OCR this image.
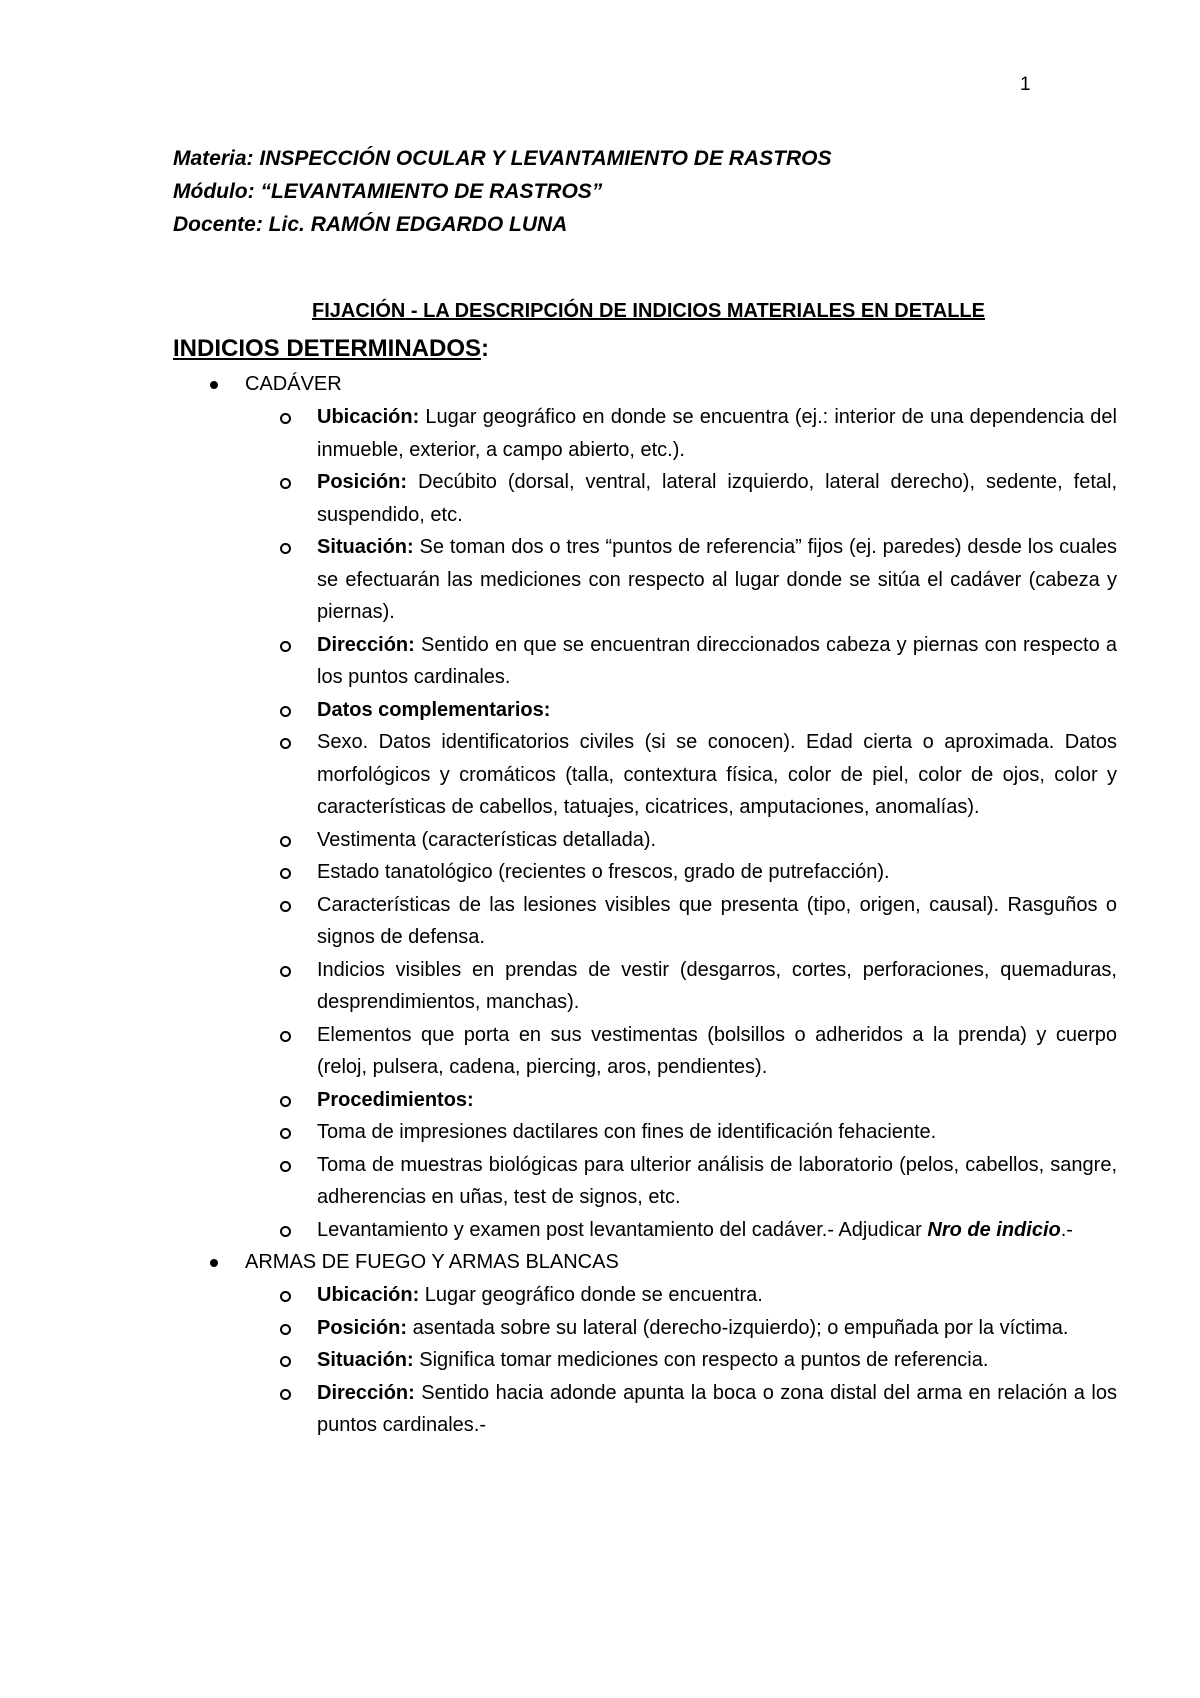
1
Materia: INSPECCIÓN OCULAR Y LEVANTAMIENTO DE RASTROS
Módulo: “LEVANTAMIENTO DE RASTROS”
Docente: Lic. RAMÓN EDGARDO LUNA
FIJACIÓN - LA DESCRIPCIÓN DE INDICIOS MATERIALES EN DETALLE
INDICIOS DETERMINADOS:
CADÁVER
Ubicación: Lugar geográfico en donde se encuentra (ej.: interior de una dependencia del inmueble, exterior, a campo abierto, etc.).
Posición: Decúbito (dorsal, ventral, lateral izquierdo, lateral derecho), sedente, fetal, suspendido, etc.
Situación: Se toman dos o tres “puntos de referencia” fijos (ej. paredes) desde los cuales se efectuarán las mediciones con respecto al lugar donde se sitúa el cadáver (cabeza y piernas).
Dirección: Sentido en que se encuentran direccionados cabeza y piernas con respecto a los puntos cardinales.
Datos complementarios:
Sexo. Datos identificatorios civiles (si se conocen). Edad cierta o aproximada. Datos morfológicos y cromáticos (talla, contextura física, color de piel, color de ojos, color y características de cabellos, tatuajes, cicatrices, amputaciones, anomalías).
Vestimenta (características detallada).
Estado tanatológico (recientes o frescos, grado de putrefacción).
Características de las lesiones visibles que presenta (tipo, origen, causal). Rasguños o signos de defensa.
Indicios visibles en prendas de vestir (desgarros, cortes, perforaciones, quemaduras, desprendimientos, manchas).
Elementos que porta en sus vestimentas (bolsillos o adheridos a la prenda) y cuerpo (reloj, pulsera, cadena, piercing, aros, pendientes).
Procedimientos:
Toma de impresiones dactilares con fines de identificación fehaciente.
Toma de muestras biológicas para ulterior análisis de laboratorio (pelos, cabellos, sangre, adherencias en uñas, test de signos, etc.
Levantamiento y examen post levantamiento del cadáver.- Adjudicar Nro de indicio.-
ARMAS DE FUEGO Y ARMAS BLANCAS
Ubicación: Lugar geográfico donde se encuentra.
Posición: asentada sobre su lateral (derecho-izquierdo); o empuñada por la víctima.
Situación: Significa tomar mediciones con respecto a puntos de referencia.
Dirección: Sentido hacia adonde apunta la boca o zona distal del arma en relación a los puntos cardinales.-
